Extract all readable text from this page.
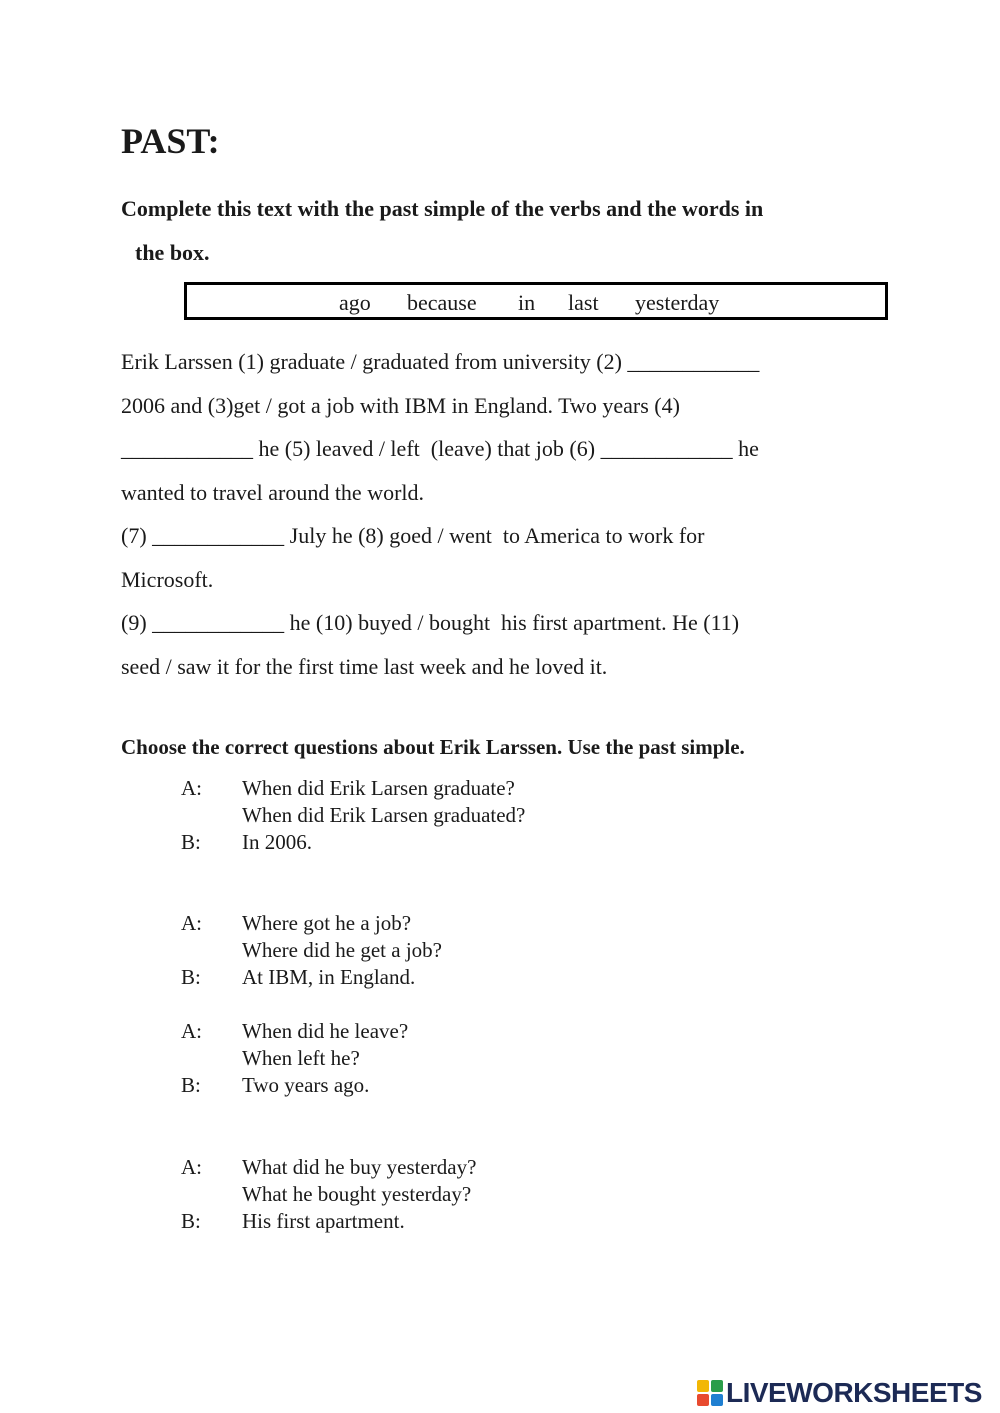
PAST:
Complete this text with the past simple of the verbs and the words in
the box.
ago because in last yesterday
Erik Larssen (1) graduate / graduated from university (2) ____________
2006 and (3)get / got a job with IBM in England. Two years (4)
____________ he (5) leaved / left  (leave) that job (6) ____________ he
wanted to travel around the world.
(7) ____________ July he (8) goed / went  to America to work for
Microsoft.
(9) ____________ he (10) buyed / bought  his first apartment. He (11)
seed / saw it for the first time last week and he loved it.
Choose the correct questions about Erik Larssen. Use the past simple.
A: When did Erik Larsen graduate?
When did Erik Larsen graduated?
B: In 2006.
A: Where got he a job?
Where did he get a job?
B: At IBM, in England.
A: When did he leave?
When left he?
B: Two years ago.
A: What did he buy yesterday?
What he bought yesterday?
B: His first apartment.
LIVEWORKSHEETS
